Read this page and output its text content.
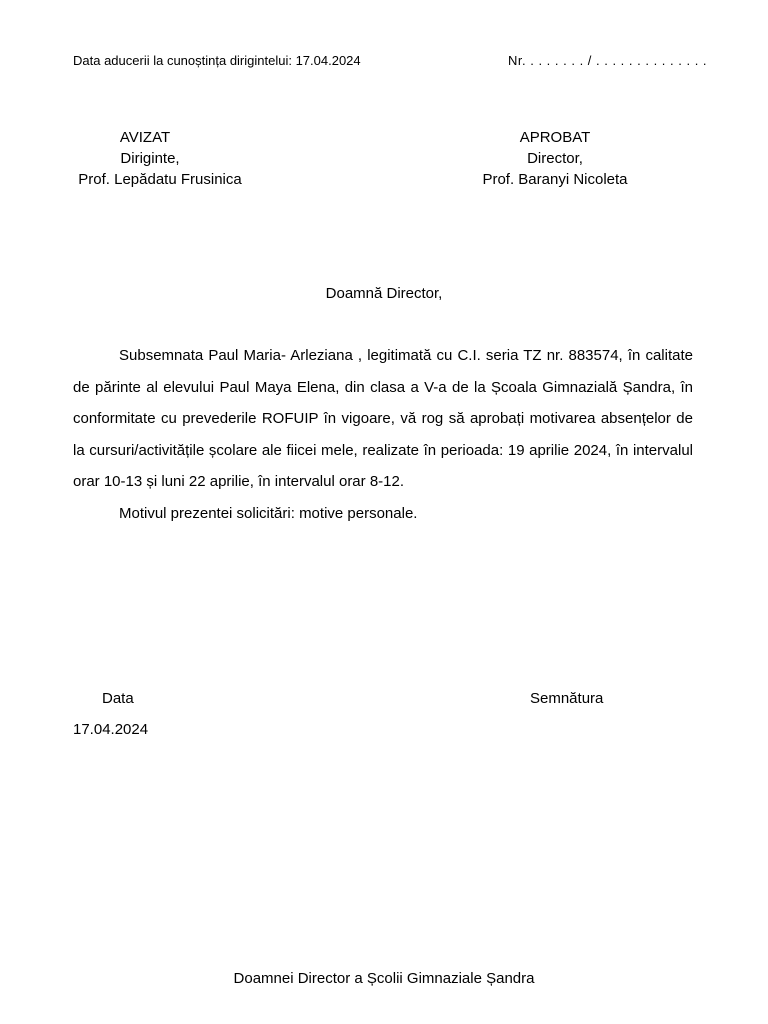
Data aducerii la cunoștința dirigintelui: 17.04.2024	Nr. . . . . . . . / . . . . . . . . . . . . . .
AVIZAT
Diriginte,
Prof. Lepădatu Frusinica
APROBAT
Director,
Prof. Baranyi Nicoleta
Doamnă Director,

Subsemnata Paul Maria- Arleziana , legitimată cu C.I. seria TZ nr. 883574, în calitate de părinte al elevului Paul Maya Elena, din clasa a V-a de la Școala Gimnazială Șandra, în conformitate cu prevederile ROFUIP în vigoare, vă rog să aprobați motivarea absențelor de la cursuri/activitățile școlare ale fiicei mele, realizate în perioada: 19 aprilie 2024, în intervalul orar 10-13 și luni 22 aprilie, în intervalul orar 8-12.

Motivul prezentei solicitări: motive personale.

Data
17.04.2024
Semnătura
Doamnei Director a Școlii Gimnaziale Șandra
